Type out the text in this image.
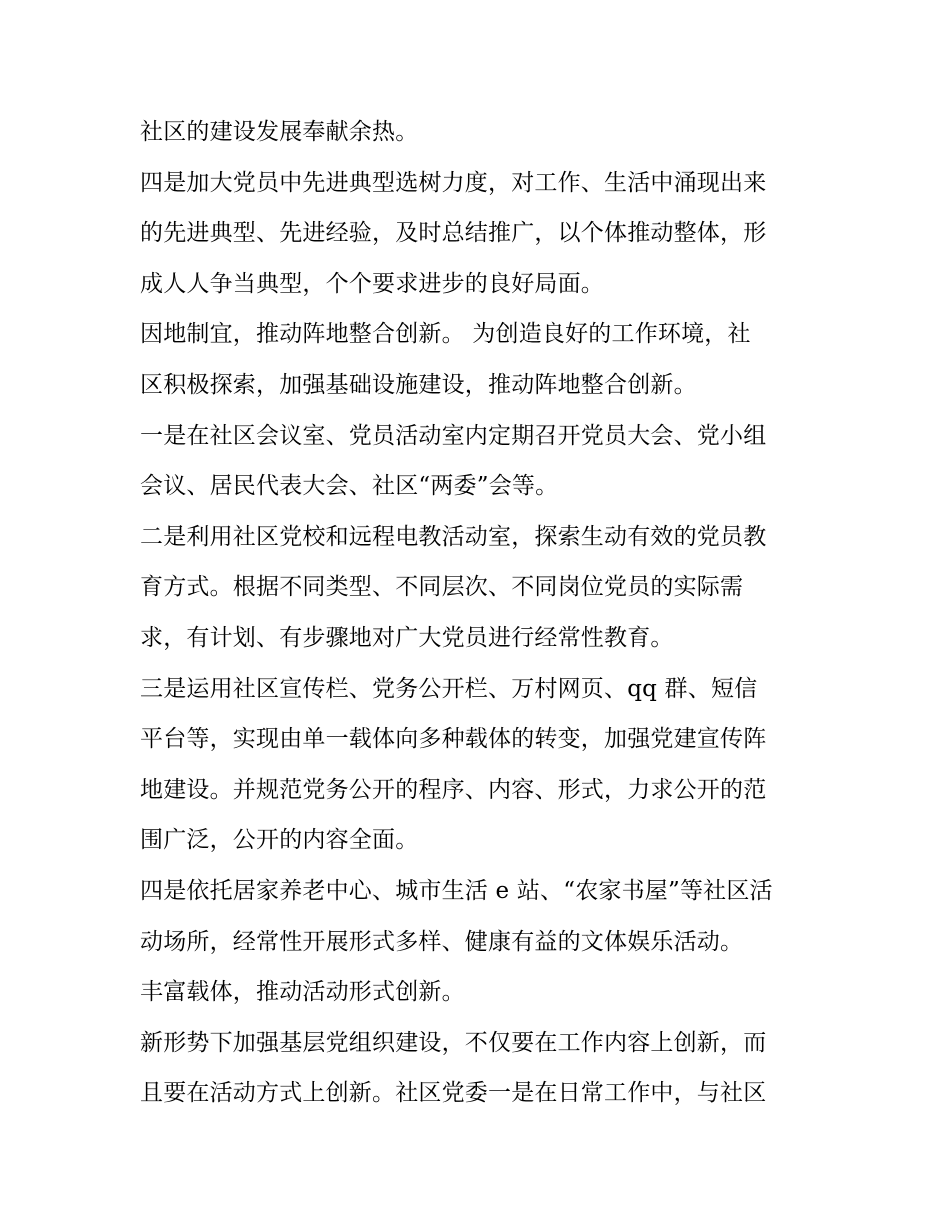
社区的建设发展奉献余热。
四是加大党员中先进典型选树力度，对工作、生活中涌现出来
的先进典型、先进经验，及时总结推广，以个体推动整体，形
成人人争当典型，个个要求进步的良好局面。
因地制宜，推动阵地整合创新。 为创造良好的工作环境，社
区积极探索，加强基础设施建设，推动阵地整合创新。
一是在社区会议室、党员活动室内定期召开党员大会、党小组
会议、居民代表大会、社区“两委”会等。
二是利用社区党校和远程电教活动室，探索生动有效的党员教
育方式。根据不同类型、不同层次、不同岗位党员的实际需
求，有计划、有步骤地对广大党员进行经常性教育。
三是运用社区宣传栏、党务公开栏、万村网页、qq 群、短信
平台等，实现由单一载体向多种载体的转变，加强党建宣传阵
地建设。并规范党务公开的程序、内容、形式，力求公开的范
围广泛，公开的内容全面。
四是依托居家养老中心、城市生活 e 站、“农家书屋”等社区活
动场所，经常性开展形式多样、健康有益的文体娱乐活动。
丰富载体，推动活动形式创新。
新形势下加强基层党组织建设，不仅要在工作内容上创新，而
且要在活动方式上创新。社区党委一是在日常工作中，与社区
